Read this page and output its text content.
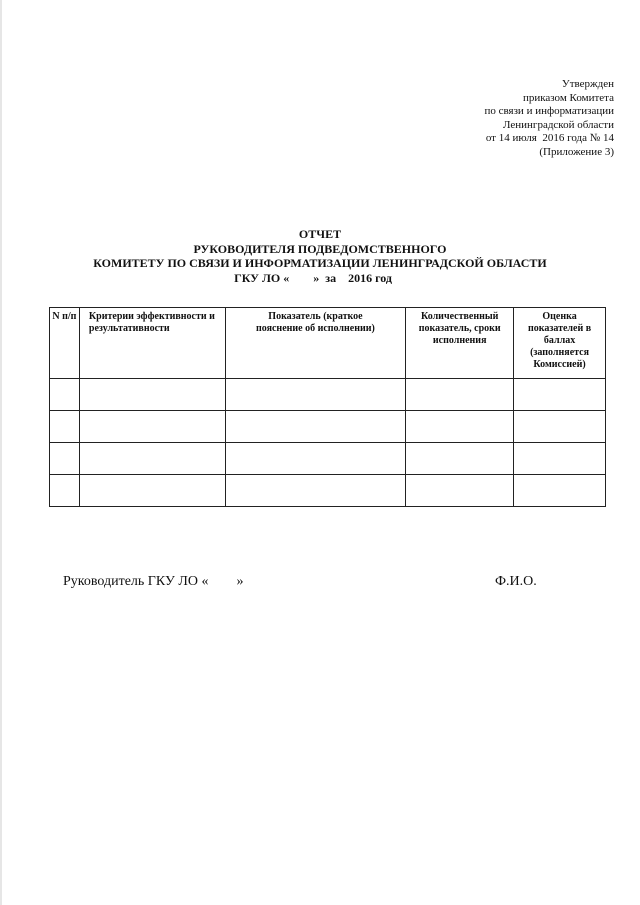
Утвержден
приказом Комитета
по связи и информатизации
Ленинградской области
от 14 июля  2016 года № 14
(Приложение 3)
ОТЧЕТ
РУКОВОДИТЕЛЯ ПОДВЕДОМСТВЕННОГО
КОМИТЕТУ ПО СВЯЗИ И ИНФОРМАТИЗАЦИИ ЛЕНИНГРАДСКОЙ ОБЛАСТИ
ГКУ ЛО «        »  за    2016 год
N п/п	Критерии эффективности и результативности	Показатель (краткое пояснение об исполнении)	Количественный показатель, сроки исполнения	Оценка показателей в баллах (заполняется Комиссией)

Руководитель ГКУ ЛО «        »	Ф.И.О.
